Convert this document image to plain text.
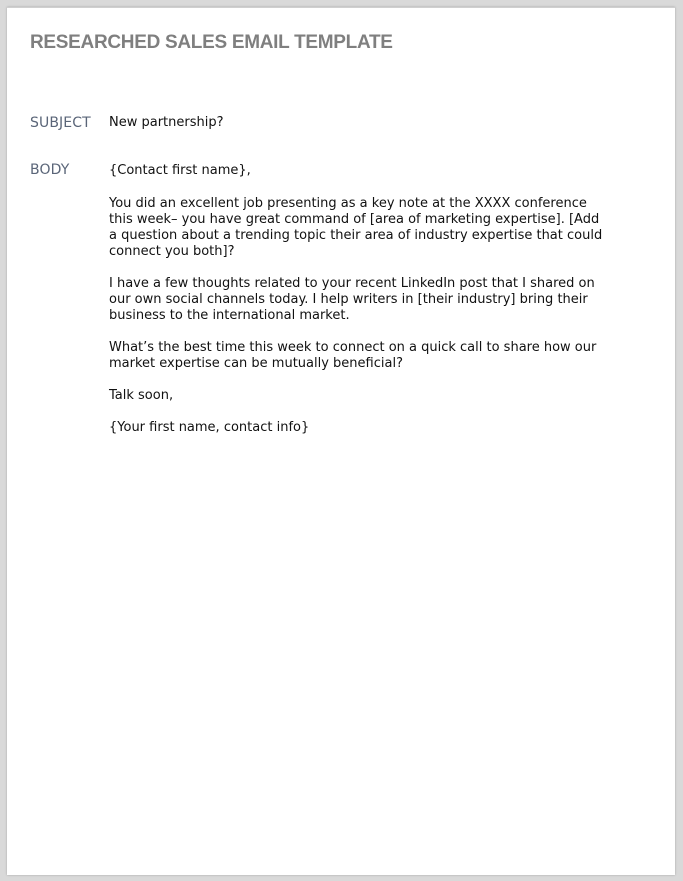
RESEARCHED SALES EMAIL TEMPLATE
SUBJECT New partnership?
BODY	{Contact first name},

You did an excellent job presenting as a key note at the XXXX conference this week– you have great command of [area of marketing expertise]. [Add a question about a trending topic their area of industry expertise that could connect you both]?

I have a few thoughts related to your recent LinkedIn post that I shared on our own social channels today. I help writers in [their industry] bring their business to the international market.

What’s the best time this week to connect on a quick call to share how our market expertise can be mutually beneficial?

Talk soon,

{Your first name, contact info}
